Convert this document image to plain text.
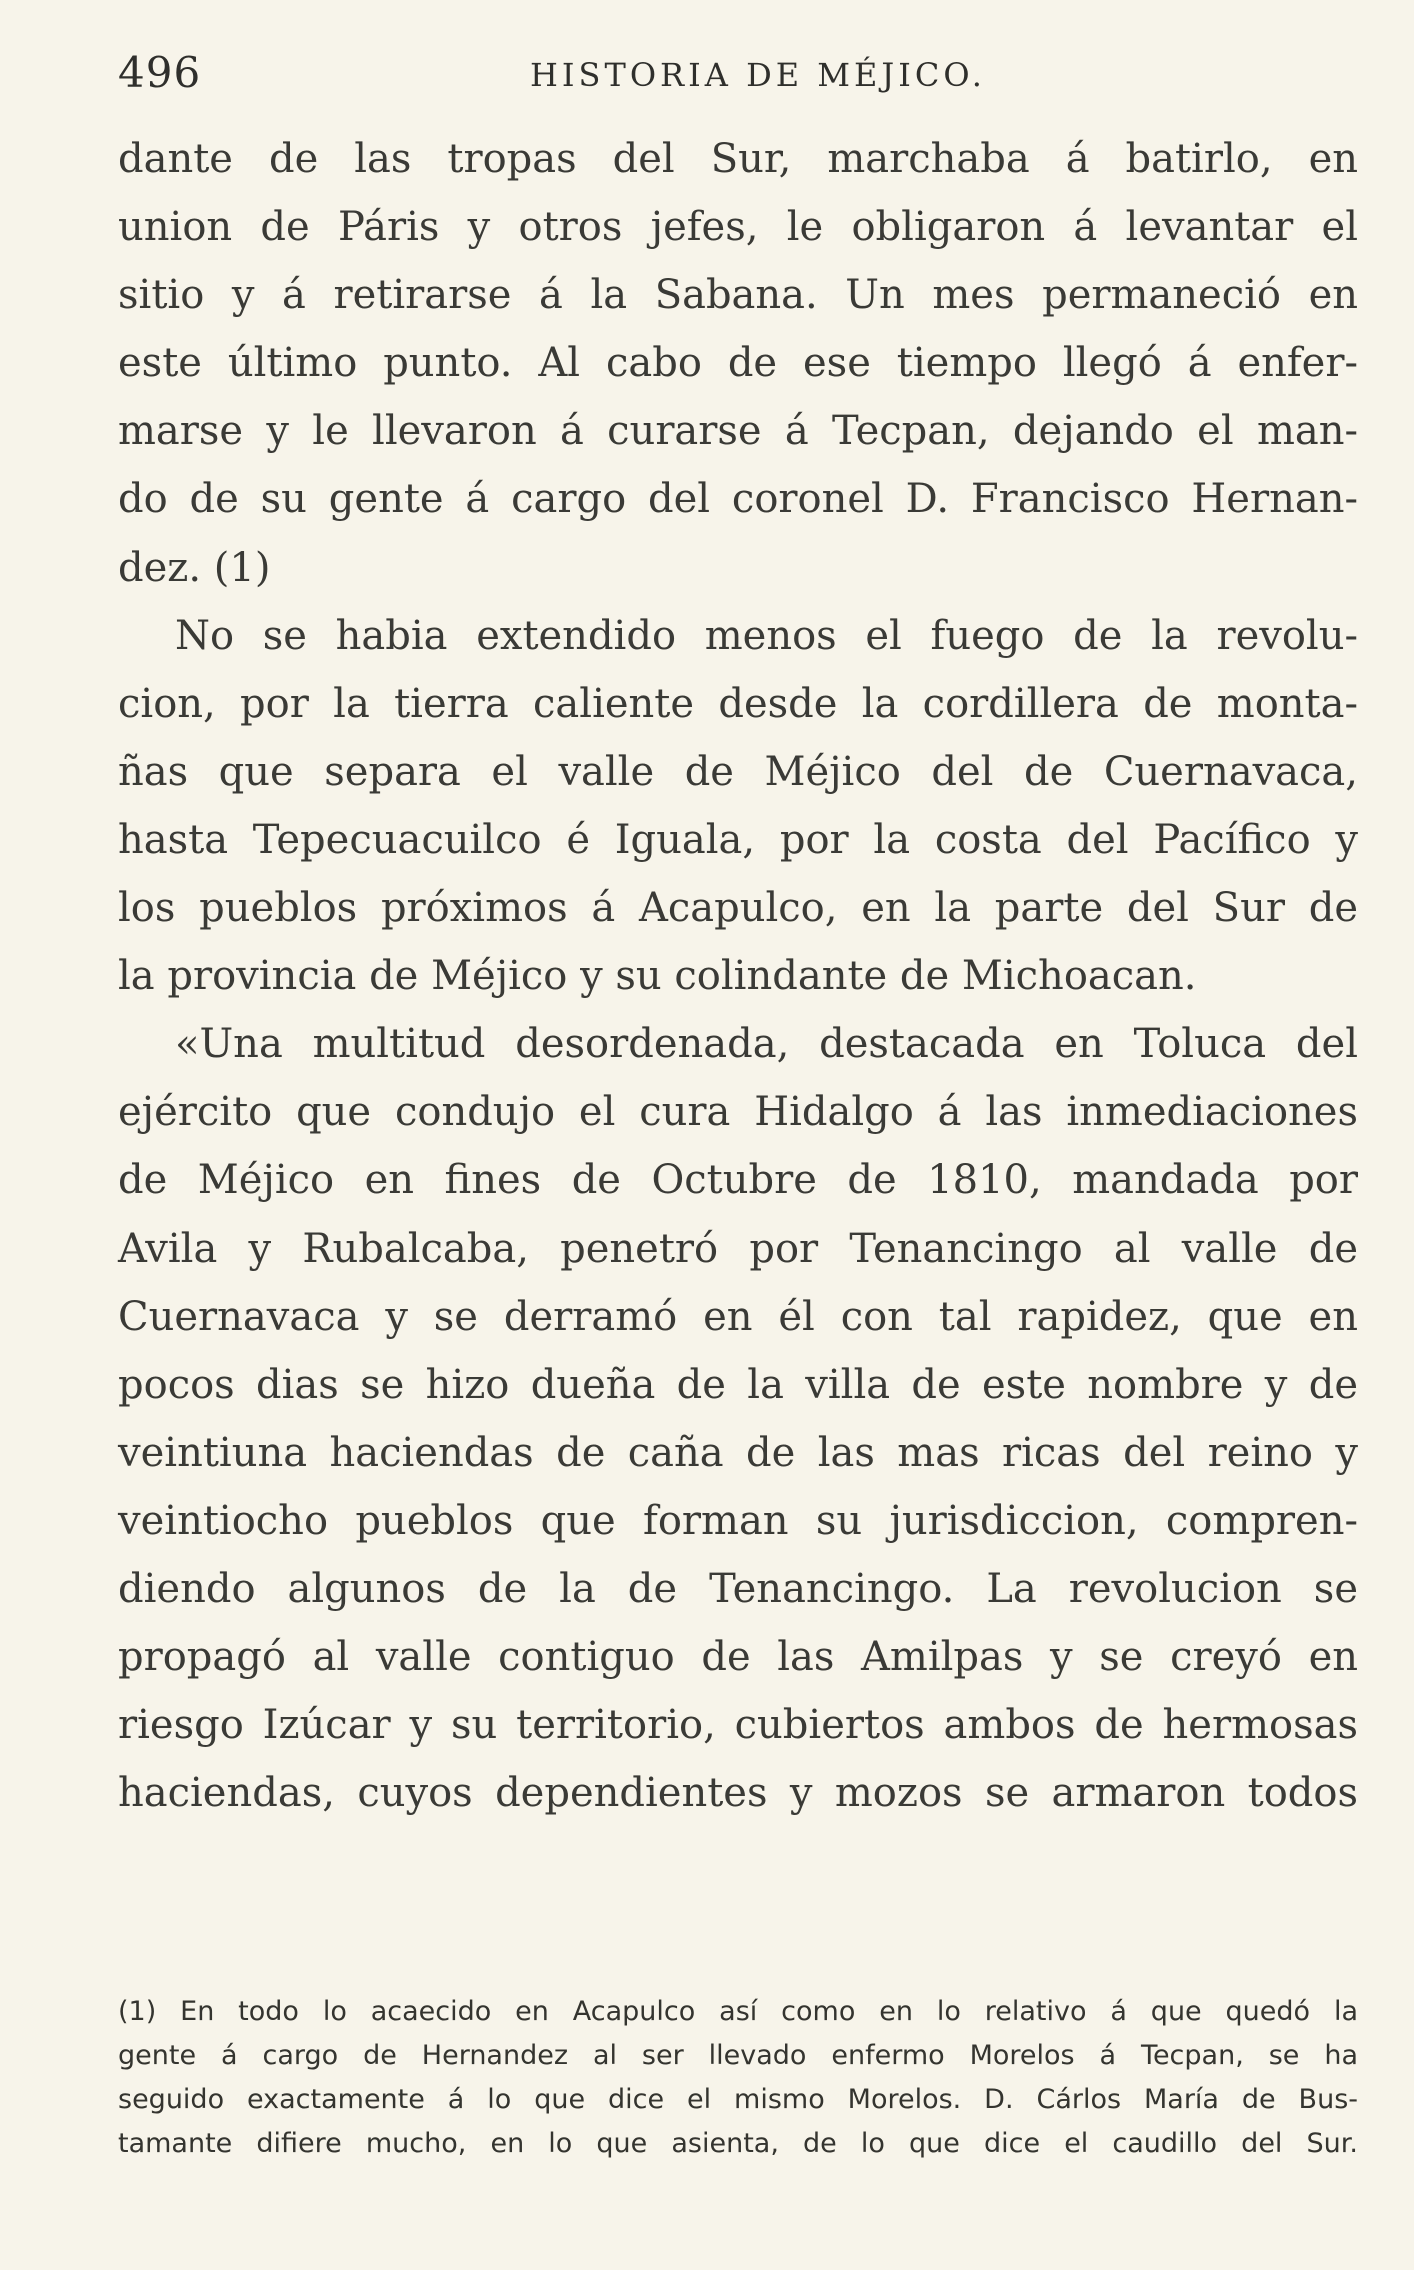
496	HISTORIA DE MÉJICO.
dante de las tropas del Sur, marchaba á batirlo, en
union de Páris y otros jefes, le obligaron á levantar el
sitio y á retirarse á la Sabana. Un mes permaneció en
este último punto. Al cabo de ese tiempo llegó á enfer-
marse y le llevaron á curarse á Tecpan, dejando el man-
do de su gente á cargo del coronel D. Francisco Hernan-
dez. (1)
No se habia extendido menos el fuego de la revolu-
cion, por la tierra caliente desde la cordillera de monta-
ñas que separa el valle de Méjico del de Cuernavaca,
hasta Tepecuacuilco é Iguala, por la costa del Pacífico y
los pueblos próximos á Acapulco, en la parte del Sur de
la provincia de Méjico y su colindante de Michoacan.
«Una multitud desordenada, destacada en Toluca del
ejército que condujo el cura Hidalgo á las inmediaciones
de Méjico en fines de Octubre de 1810, mandada por
Avila y Rubalcaba, penetró por Tenancingo al valle de
Cuernavaca y se derramó en él con tal rapidez, que en
pocos dias se hizo dueña de la villa de este nombre y de
veintiuna haciendas de caña de las mas ricas del reino y
veintiocho pueblos que forman su jurisdiccion, compren-
diendo algunos de la de Tenancingo. La revolucion se
propagó al valle contiguo de las Amilpas y se creyó en
riesgo Izúcar y su territorio, cubiertos ambos de hermosas
haciendas, cuyos dependientes y mozos se armaron todos
(1) En todo lo acaecido en Acapulco así como en lo relativo á que quedó la
gente á cargo de Hernandez al ser llevado enfermo Morelos á Tecpan, se ha
seguido exactamente á lo que dice el mismo Morelos. D. Cárlos María de Bus-
tamante difiere mucho, en lo que asienta, de lo que dice el caudillo del Sur.
